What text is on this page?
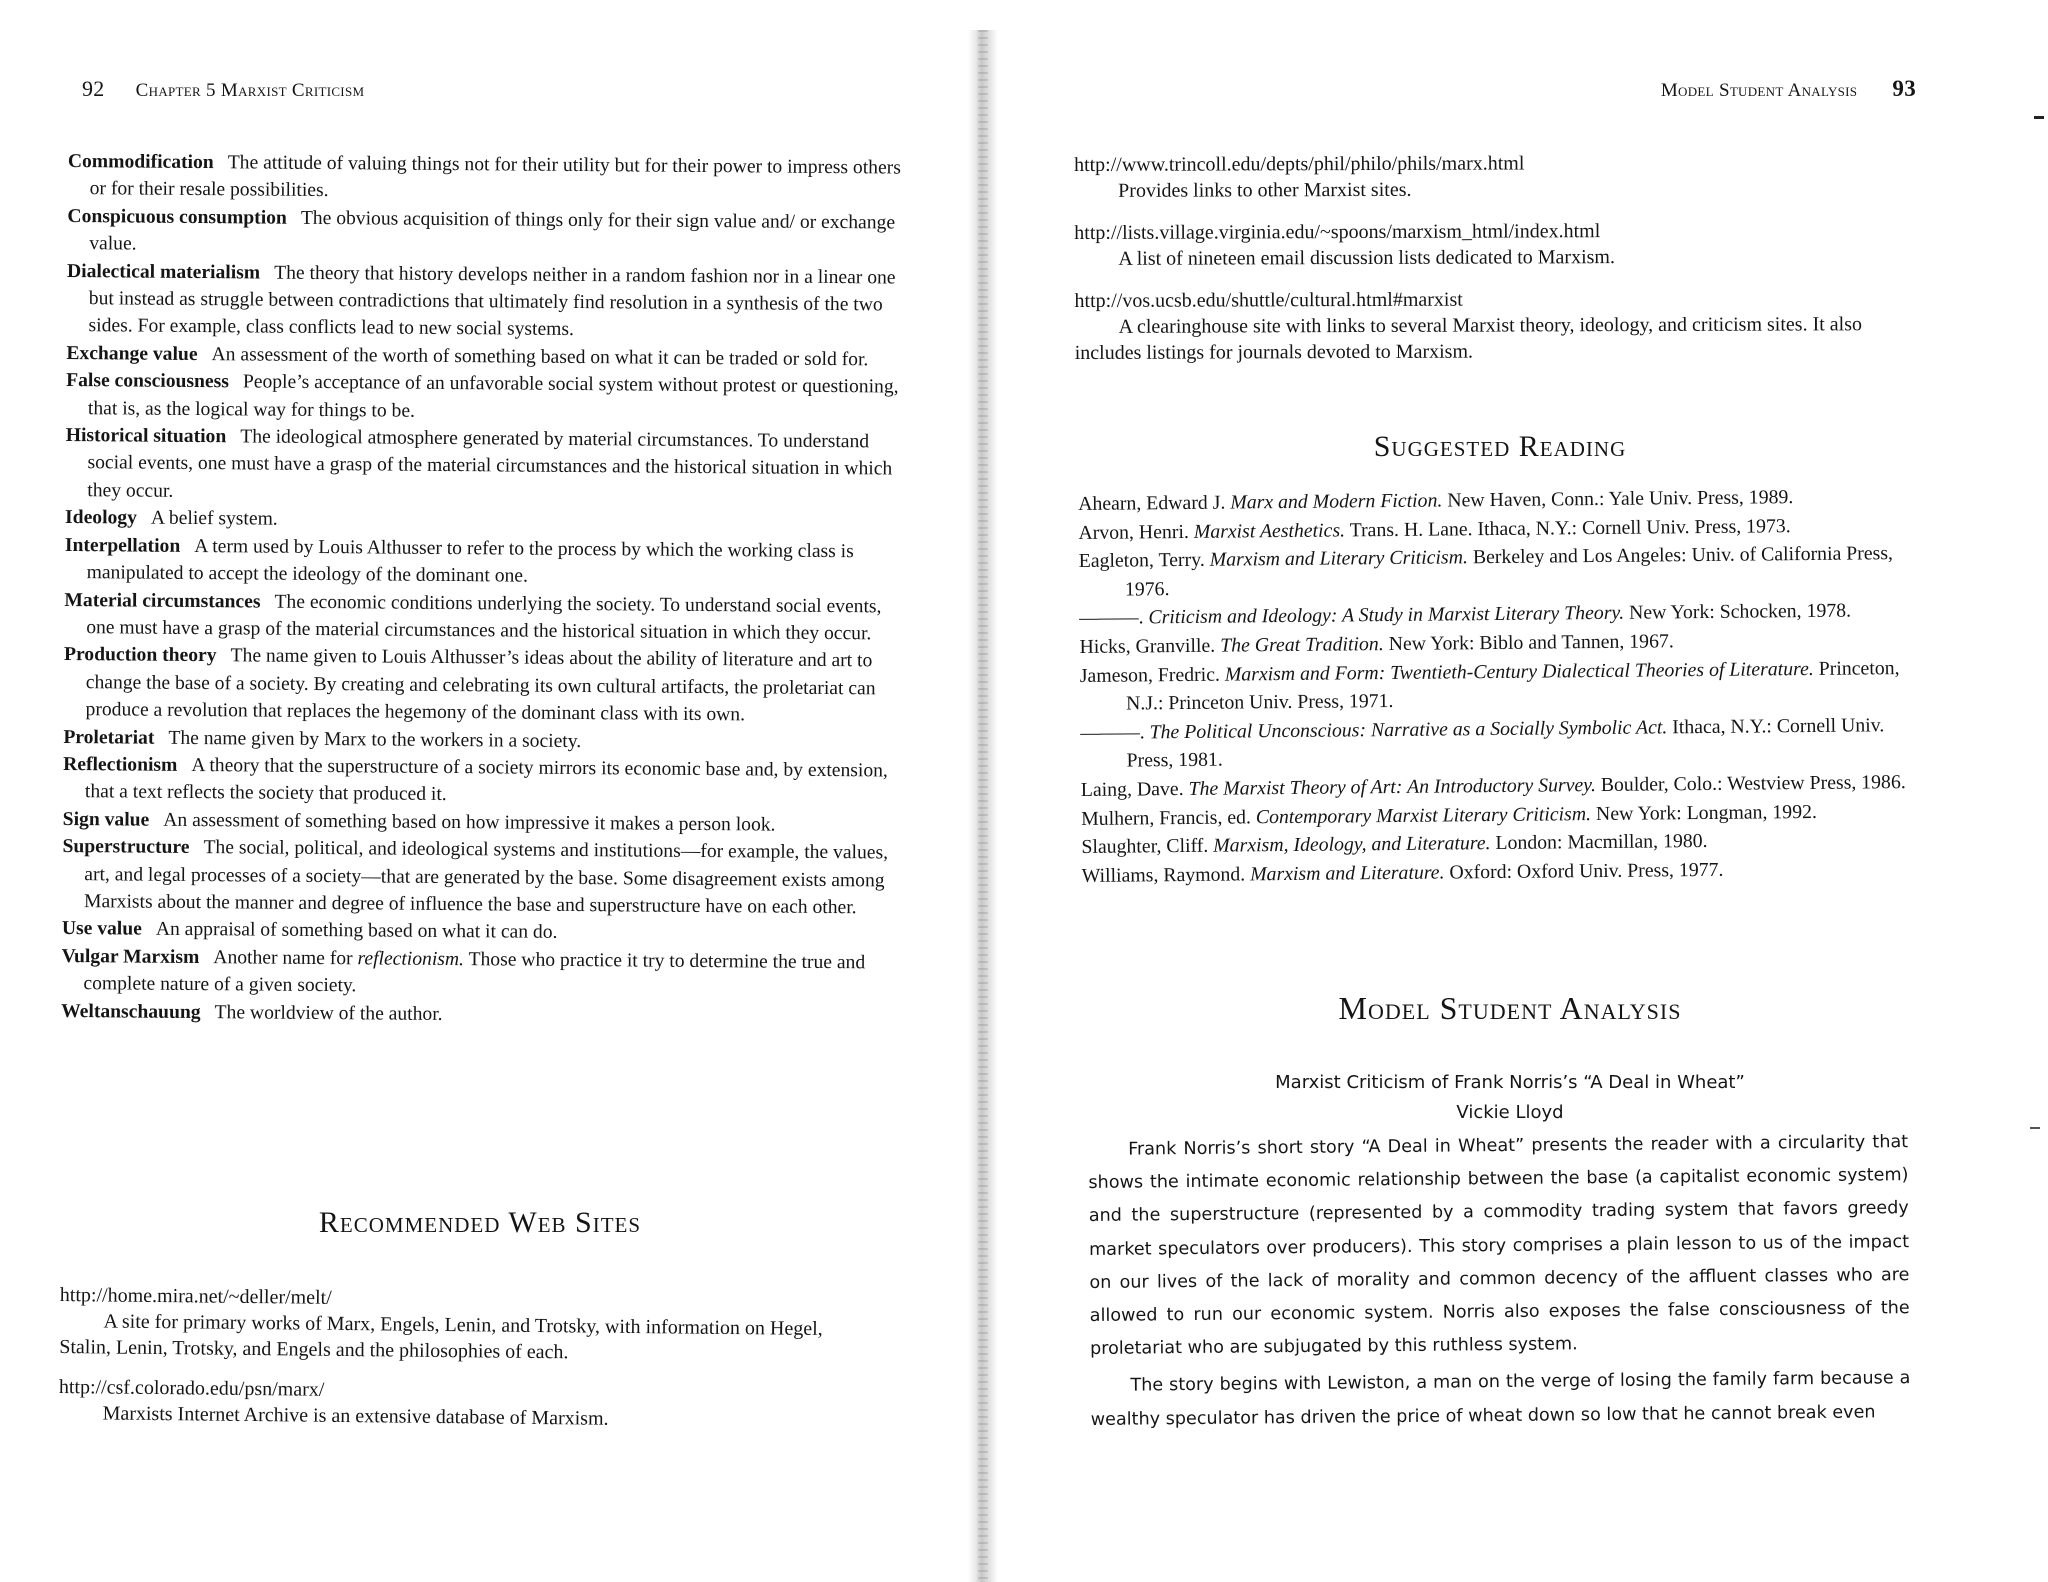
92 Chapter 5 Marxist Criticism

Commodification The attitude of valuing things not for their utility but for their power to impress others or for their resale possibilities.

Conspicuous consumption The obvious acquisition of things only for their sign value and/ or exchange value.

Dialectical materialism The theory that history develops neither in a random fashion nor in a linear one but instead as struggle between contradictions that ultimately find resolution in a synthesis of the two sides. For example, class conflicts lead to new social systems.

Exchange value An assessment of the worth of something based on what it can be traded or sold for.

False consciousness People’s acceptance of an unfavorable social system without protest or questioning, that is, as the logical way for things to be.

Historical situation The ideological atmosphere generated by material circumstances. To understand social events, one must have a grasp of the material circumstances and the historical situation in which they occur.

Ideology A belief system.

Interpellation A term used by Louis Althusser to refer to the process by which the working class is manipulated to accept the ideology of the dominant one.

Material circumstances The economic conditions underlying the society. To understand social events, one must have a grasp of the material circumstances and the historical situation in which they occur.

Production theory The name given to Louis Althusser’s ideas about the ability of literature and art to change the base of a society. By creating and celebrating its own cultural artifacts, the proletariat can produce a revolution that replaces the hegemony of the dominant class with its own.

Proletariat The name given by Marx to the workers in a society.

Reflectionism A theory that the superstructure of a society mirrors its economic base and, by extension, that a text reflects the society that produced it.

Sign value An assessment of something based on how impressive it makes a person look.

Superstructure The social, political, and ideological systems and institutions—for example, the values, art, and legal processes of a society—that are generated by the base. Some disagreement exists among Marxists about the manner and degree of influence the base and superstructure have on each other.

Use value An appraisal of something based on what it can do.

Vulgar Marxism Another name for reflectionism. Those who practice it try to determine the true and complete nature of a given society.

Weltanschauung The worldview of the author.

Recommended Web Sites

http://home.mira.net/~deller/melt/

A site for primary works of Marx, Engels, Lenin, and Trotsky, with information on Hegel, Stalin, Lenin, Trotsky, and Engels and the philosophies of each.

http://csf.colorado.edu/psn/marx/

Marxists Internet Archive is an extensive database of Marxism.

Model Student Analysis 93

http://www.trincoll.edu/depts/phil/philo/phils/marx.html

Provides links to other Marxist sites.

http://lists.village.virginia.edu/~spoons/marxism_html/index.html

A list of nineteen email discussion lists dedicated to Marxism.

http://vos.ucsb.edu/shuttle/cultural.html#marxist

A clearinghouse site with links to several Marxist theory, ideology, and criticism sites. It also includes listings for journals devoted to Marxism.

Suggested Reading

Ahearn, Edward J. Marx and Modern Fiction. New Haven, Conn.: Yale Univ. Press, 1989.

Arvon, Henri. Marxist Aesthetics. Trans. H. Lane. Ithaca, N.Y.: Cornell Univ. Press, 1973.

Eagleton, Terry. Marxism and Literary Criticism. Berkeley and Los Angeles: Univ. of California Press, 1976.

———. Criticism and Ideology: A Study in Marxist Literary Theory. New York: Schocken, 1978.

Hicks, Granville. The Great Tradition. New York: Biblo and Tannen, 1967.

Jameson, Fredric. Marxism and Form: Twentieth-Century Dialectical Theories of Literature. Princeton, N.J.: Princeton Univ. Press, 1971.

———. The Political Unconscious: Narrative as a Socially Symbolic Act. Ithaca, N.Y.: Cornell Univ. Press, 1981.

Laing, Dave. The Marxist Theory of Art: An Introductory Survey. Boulder, Colo.: Westview Press, 1986.

Mulhern, Francis, ed. Contemporary Marxist Literary Criticism. New York: Longman, 1992.

Slaughter, Cliff. Marxism, Ideology, and Literature. London: Macmillan, 1980.

Williams, Raymond. Marxism and Literature. Oxford: Oxford Univ. Press, 1977.

Model Student Analysis
Marxist Criticism of Frank Norris’s “A Deal in Wheat”
Vickie Lloyd

Frank Norris’s short story “A Deal in Wheat” presents the reader with a circularity that shows the intimate economic relationship between the base (a capitalist economic system) and the superstructure (represented by a commodity trading system that favors greedy market speculators over producers). This story comprises a plain lesson to us of the impact on our lives of the lack of morality and common decency of the affluent classes who are allowed to run our economic system. Norris also exposes the false consciousness of the proletariat who are subjugated by this ruthless system.

The story begins with Lewiston, a man on the verge of losing the family farm because a wealthy speculator has driven the price of wheat down so low that he cannot break even
